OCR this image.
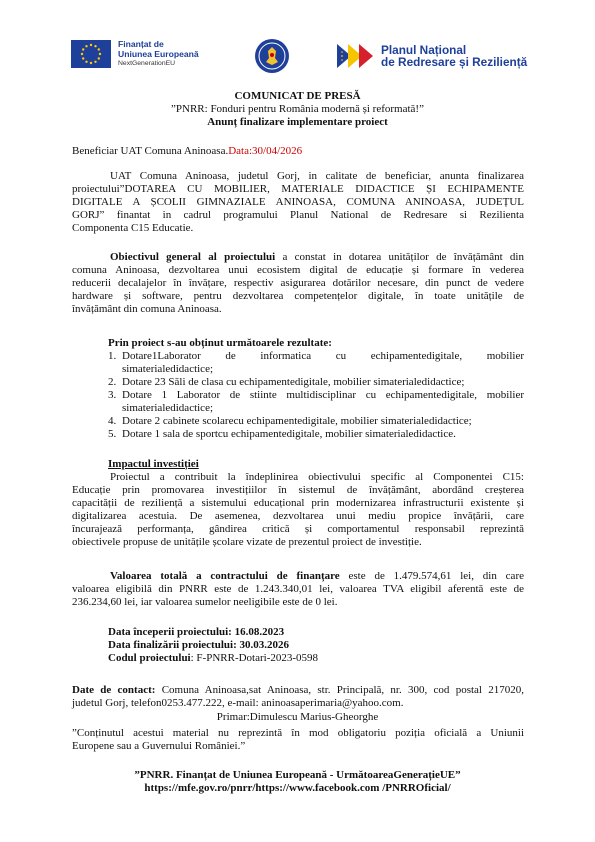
Finanțat de
Uniunea Europeană
NextGenerationEU
Planul Național
de Redresare și Reziliență
COMUNICAT DE PRESĂ
”PNRR: Fonduri pentru România modernă și reformată!”
Anunț finalizare implementare proiect
Beneficiar UAT Comuna Aninoasa.Data:30/04/2026
UAT Comuna Aninoasa, judetul Gorj, in calitate de beneficiar, anunta finalizarea
proiectului”DOTAREA CU MOBILIER, MATERIALE DIDACTICE ȘI ECHIPAMENTE
DIGITALE A ȘCOLII GIMNAZIALE ANINOASA, COMUNA ANINOASA, JUDEȚUL
GORJ” finantat in cadrul programului Planul National de Redresare si Rezilienta
Componenta C15 Educatie.
Obiectivul general al proiectului a constat in dotarea unităților de învățământ din
comuna Aninoasa, dezvoltarea unui ecosistem digital de educație și formare în vederea
reducerii decalajelor în învățare, respectiv asigurarea dotărilor necesare, din punct de vedere
hardware și software, pentru dezvoltarea competențelor digitale, în toate unitățile de
învățământ din comuna Aninoasa.
Prin proiect s-au obținut următoarele rezultate:
1. Dotare1Laborator de informatica cu echipamentedigitale, mobilier
simaterialedidactice;
2. Dotare 23 Săli de clasa cu echipamentedigitale, mobilier simaterialedidactice;
3. Dotare 1 Laborator de stiinte multidisciplinar cu echipamentedigitale, mobilier
simaterialedidactice;
4. Dotare 2 cabinete scolarecu echipamentedigitale, mobilier simaterialedidactice;
5. Dotare 1 sala de sportcu echipamentedigitale, mobilier simaterialedidactice.
Impactul investiției
Proiectul a contribuit la îndeplinirea obiectivului specific al Componentei C15:
Educație prin promovarea investițiilor în sistemul de învățământ, abordând creșterea
capacității de reziliență a sistemului educațional prin modernizarea infrastructurii existente și
digitalizarea acestuia. De asemenea, dezvoltarea unui mediu propice învățării, care
încurajează performanța, gândirea critică și comportamentul responsabil reprezintă
obiectivele propuse de unitățile școlare vizate de prezentul proiect de investiție.
Valoarea totală a contractului de finanțare este de 1.479.574,61 lei, din care
valoarea eligibilă din PNRR este de 1.243.340,01 lei, valoarea TVA eligibil aferentă este de
236.234,60 lei, iar valoarea sumelor neeligibile este de 0 lei.
Data începerii proiectului: 16.08.2023
Data finalizării proiectului: 30.03.2026
Codul proiectului: F-PNRR-Dotari-2023-0598
Date de contact: Comuna Aninoasa,sat Aninoasa, str. Principală, nr. 300, cod postal 217020,
judetul Gorj, telefon0253.477.222, e-mail: aninoasaperimaria@yahoo.com.
Primar:Dimulescu Marius-Gheorghe
”Conținutul acestui material nu reprezintă în mod obligatoriu poziția oficială a Uniunii
Europene sau a Guvernului României.”
”PNRR. Finanțat de Uniunea Europeană - UrmătoareaGenerațieUE”
https://mfe.gov.ro/pnrr/https://www.facebook.com /PNRROficial/
